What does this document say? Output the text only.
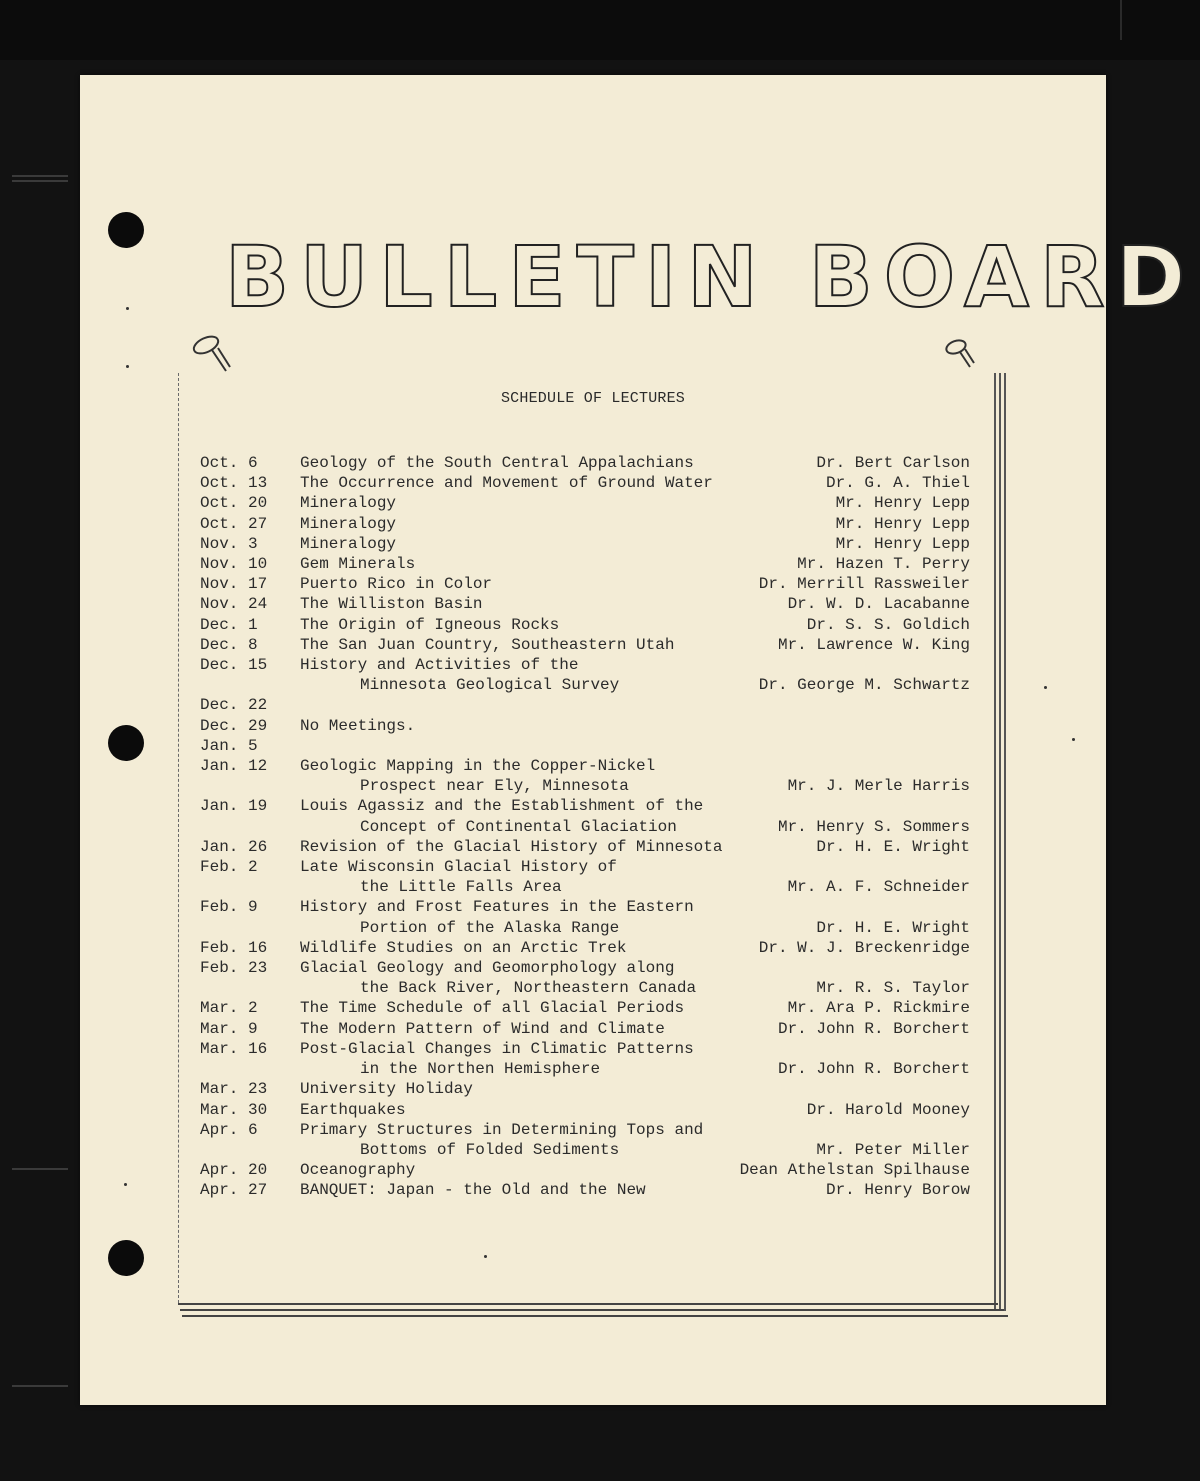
BULLETIN BOARD
SCHEDULE OF LECTURES
Oct. 6	Geology of the South Central Appalachians	Dr. Bert Carlson
Oct. 13	The Occurrence and Movement of Ground Water	Dr. G. A. Thiel
Oct. 20	Mineralogy	Mr. Henry Lepp
Oct. 27	Mineralogy	Mr. Henry Lepp
Nov. 3	Mineralogy	Mr. Henry Lepp
Nov. 10	Gem Minerals	Mr. Hazen T. Perry
Nov. 17	Puerto Rico in Color	Dr. Merrill Rassweiler
Nov. 24	The Williston Basin	Dr. W. D. Lacabanne
Dec. 1	The Origin of Igneous Rocks	Dr. S. S. Goldich
Dec. 8	The San Juan Country, Southeastern Utah	Mr. Lawrence W. King
Dec. 15	History and Activities of the
Minnesota Geological Survey	Dr. George M. Schwartz
Dec. 22
Dec. 29	No Meetings.
Jan. 5
Jan. 12	Geologic Mapping in the Copper-Nickel
Prospect near Ely, Minnesota	Mr. J. Merle Harris
Jan. 19	Louis Agassiz and the Establishment of the
Concept of Continental Glaciation	Mr. Henry S. Sommers
Jan. 26	Revision of the Glacial History of Minnesota	Dr. H. E. Wright
Feb. 2	Late Wisconsin Glacial History of
the Little Falls Area	Mr. A. F. Schneider
Feb. 9	History and Frost Features in the Eastern
Portion of the Alaska Range	Dr. H. E. Wright
Feb. 16	Wildlife Studies on an Arctic Trek	Dr. W. J. Breckenridge
Feb. 23	Glacial Geology and Geomorphology along
the Back River, Northeastern Canada	Mr. R. S. Taylor
Mar. 2	The Time Schedule of all Glacial Periods	Mr. Ara P. Rickmire
Mar. 9	The Modern Pattern of Wind and Climate	Dr. John R. Borchert
Mar. 16	Post-Glacial Changes in Climatic Patterns
in the Northen Hemisphere	Dr. John R. Borchert
Mar. 23	University Holiday
Mar. 30	Earthquakes	Dr. Harold Mooney
Apr. 6	Primary Structures in Determining Tops and
Bottoms of Folded Sediments	Mr. Peter Miller
Apr. 20	Oceanography	Dean Athelstan Spilhause
Apr. 27	BANQUET: Japan - the Old and the New	Dr. Henry Borow
